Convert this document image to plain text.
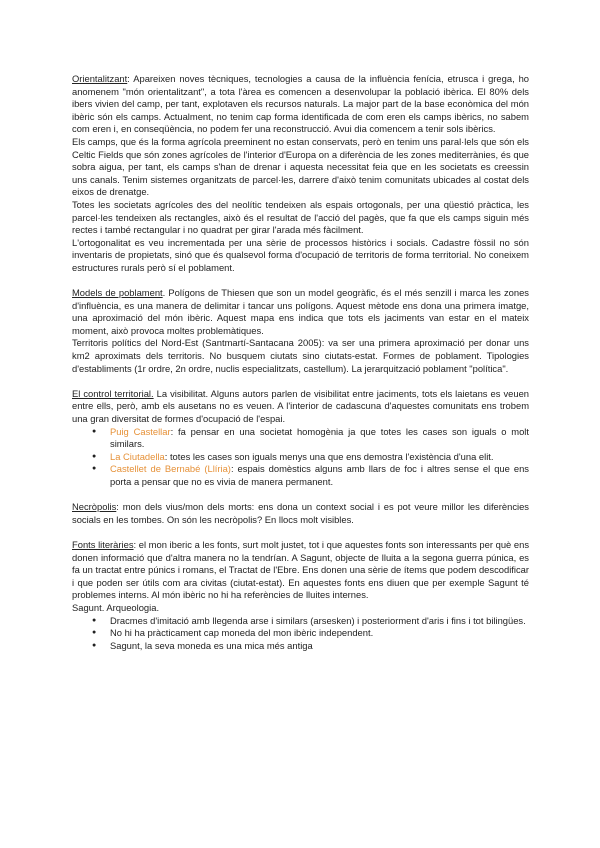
Orientalitzant: Apareixen noves tècniques, tecnologies a causa de la influència fenícia, etrusca i grega, ho anomenem "món orientalitzant", a tota l'àrea es comencen a desenvolupar la població ibèrica. El 80% dels ibers vivien del camp, per tant, explotaven els recursos naturals. La major part de la base econòmica del món ibèric són els camps. Actualment, no tenim cap forma identificada de com eren els camps ibèrics, no sabem com eren i, en conseqüència, no podem fer una reconstrucció. Avui dia comencem a tenir sols ibèrics.

Els camps, que és la forma agrícola preeminent no estan conservats, però en tenim uns paral·lels que són els Celtic Fields que són zones agrícoles de l'interior d'Europa on a diferència de les zones mediterrànies, és que sobra aigua, per tant, els camps s'han de drenar i aquesta necessitat feia que en les societats es creessin uns canals. Tenim sistemes organitzats de parcel·les, darrere d'això tenim comunitats ubicades al costat dels eixos de drenatge.

Totes les societats agrícoles des del neolític tendeixen als espais ortogonals, per una qüestió pràctica, les parcel·les tendeixen als rectangles, això és el resultat de l'acció del pagès, que fa que els camps siguin més rectes i també rectangular i no quadrat per girar l'arada més fàcilment.

L'ortogonalitat es veu incrementada per una sèrie de processos històrics i socials. Cadastre fòssil no són inventaris de propietats, sinó que és qualsevol forma d'ocupació de territoris de forma territorial. No coneixem estructures rurals però sí el poblament.

Models de poblament. Polígons de Thiesen que son un model geogràfic, és el més senzill i marca les zones d'influència, es una manera de delimitar i tancar uns polígons. Aquest mètode ens dona una primera imatge, una aproximació del món ibèric. Aquest mapa ens indica que tots els jaciments van estar en el mateix moment, això provoca moltes problemàtiques.

Territoris polítics del Nord-Est (Santmartí-Santacana 2005): va ser una primera aproximació per donar uns km2 aproximats dels territoris. No busquem ciutats sino ciutats-estat. Formes de poblament. Tipologies d'establiments (1r ordre, 2n ordre, nuclis especialitzats, castellum). La jerarquització poblament "política".

El control territorial. La visibilitat. Alguns autors parlen de visibilitat entre jaciments, tots els laietans es veuen entre ells, però, amb els ausetans no es veuen. A l'interior de cadascuna d'aquestes comunitats ens trobem una gran diversitat de formes d'ocupació de l'espai.

● Puig Castellar: fa pensar en una societat homogènia ja que totes les cases son iguals o molt similars.
● La Ciutadella: totes les cases son iguals menys una que ens demostra l'existència d'una elit.
● Castellet de Bernabé (Llíria): espais domèstics alguns amb llars de foc i altres sense el que ens porta a pensar que no es vivia de manera permanent.

Necròpolis: mon dels vius/mon dels morts: ens dona un context social i es pot veure millor les diferències socials en les tombes. On són les necròpolis? En llocs molt visibles.

Fonts literàries: el mon iberic a les fonts, surt molt justet, tot i que aquestes fonts son interessants per què ens donen informació que d'altra manera no la tendrían. A Sagunt, objecte de lluita a la segona guerra púnica, es fa un tractat entre púnics i romans, el Tractat de l'Ebre. Ens donen una sèrie de ítems que podem descodificar i que poden ser útils com ara civitas (ciutat-estat). En aquestes fonts ens diuen que per exemple Sagunt té problemes interns. Al món ibèric no hi ha referències de lluites internes.

Sagunt. Arqueologia.

● Dracmes d'imitació amb llegenda arse i similars (arsesken) i posteriorment d'aris i fins i tot bilingües.
● No hi ha pràcticament cap moneda del mon ibèric independent.
● Sagunt, la seva moneda es una mica més antiga
